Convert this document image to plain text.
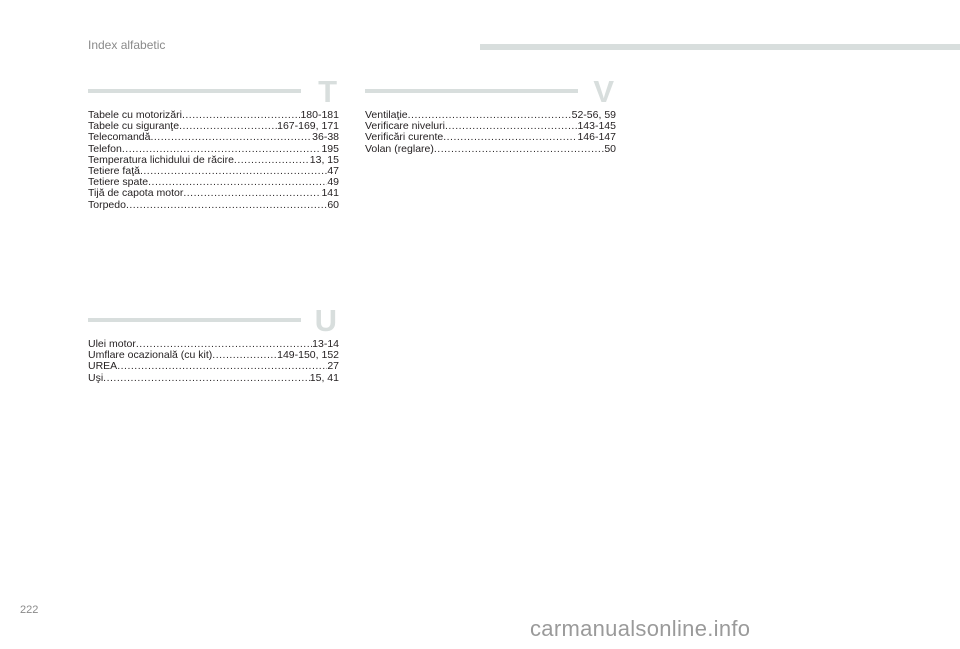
Index alfabetic
T
Tabele cu motorizări .....	180-181
Tabele cu siguranţe .....	167-169, 171
Telecomandă .....	36-38
Telefon .....	195
Temperatura lichidului de răcire .....	13, 15
Tetiere faţă .....	47
Tetiere spate .....	49
Tijă de capota motor .....	141
Torpedo .....	60
U
Ulei motor .....	13-14
Umflare ocazională (cu kit) .....	149-150, 152
UREA .....	27
Uşi .....	15, 41
V
Ventilaţie .....	52-56, 59
Verificare niveluri .....	143-145
Verificări curente .....	146-147
Volan (reglare) .....	50
222
carmanualsonline.info
